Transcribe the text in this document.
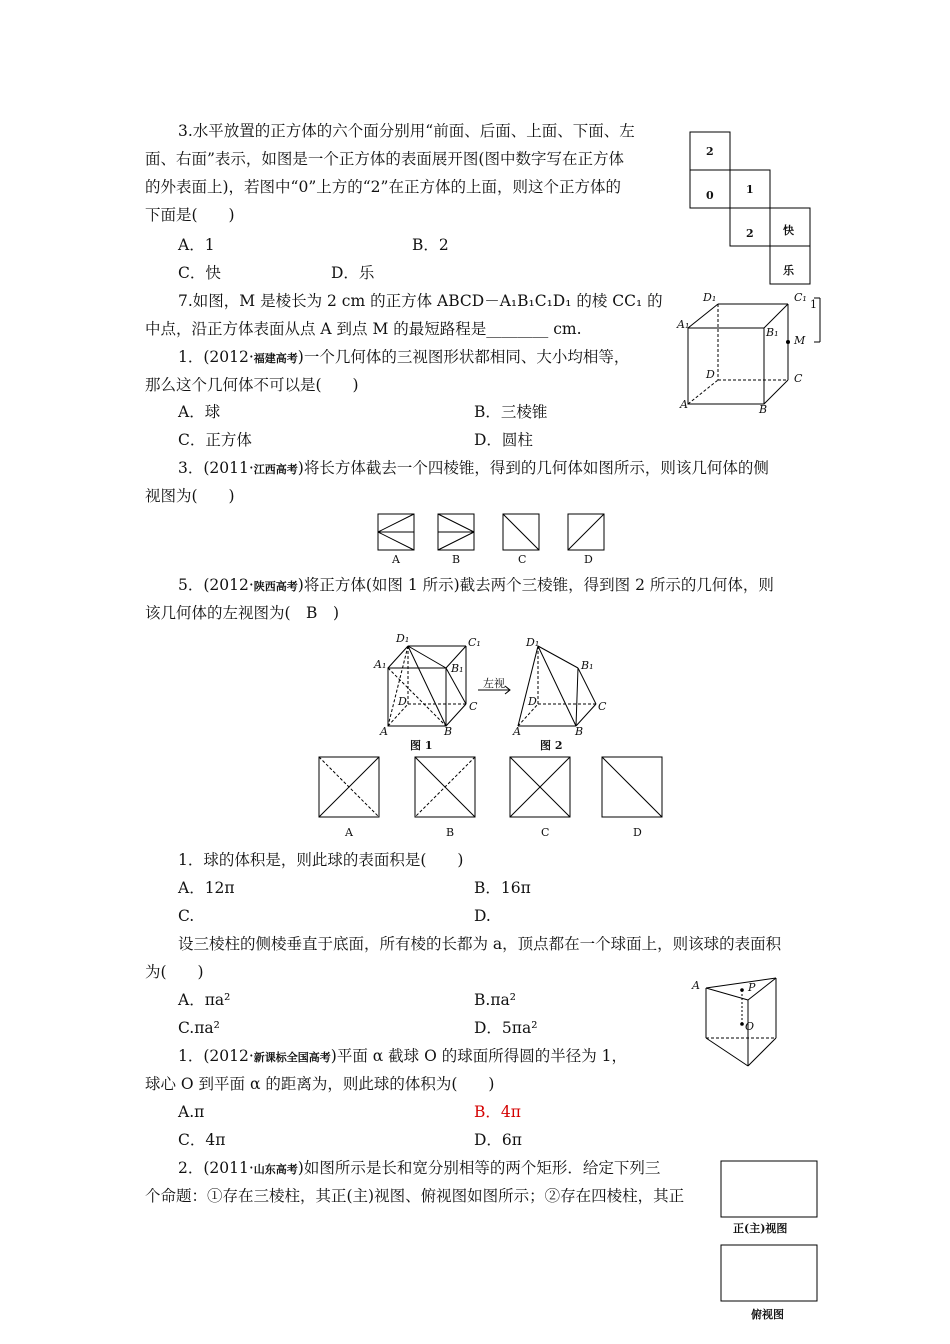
3.水平放置的正方体的六个面分别用“前面、后面、上面、下面、左
面、右面”表示，如图是一个正方体的表面展开图(图中数字写在正方体
的外表面上)，若图中“0”上方的“2”在正方体的上面，则这个正方体的
下面是(　　)
A．1	B．2
C．快	D．乐
2
0	1
2	快
乐
7.如图，M 是棱长为 2 cm 的正方体 ABCD－A₁B₁C₁D₁ 的棱 CC₁ 的
中点，沿正方体表面从点 A 到点 M 的最短路程是________ cm.
D₁	C₁
A₁
B₁
M
D	C
A	B
1
1．(2012·福建高考)一个几何体的三视图形状都相同、大小均相等，
那么这个几何体不可以是(　　)
A．球	B．三棱锥
C．正方体	D．圆柱
3．(2011·江西高考)将长方体截去一个四棱锥，得到的几何体如图所示，则该几何体的侧
视图为(　　)
A	B	C	D
5．(2012·陕西高考)将正方体(如图 1 所示)截去两个三棱锥，得到图 2 所示的几何体，则
该几何体的左视图为(　B　)
D₁	C₁
A₁	B₁
D	C
A	B
左视
D₁
B₁
D	C
A	B
图 1	图 2
A	B	C	D
1．球的体积是，则此球的表面积是(　　)
A．12π	B．16π
C.	D.
设三棱柱的侧棱垂直于底面，所有棱的长都为 a，顶点都在一个球面上，则该球的表面积
为(　　)
A．πa²	B.πa²
C.πa²	D．5πa²
A	P
O
1．(2012·新课标全国高考)平面 α 截球 O 的球面所得圆的半径为 1，
球心 O 到平面 α 的距离为，则此球的体积为(　　)
A.π	B．4π
C．4π	D．6π
2．(2011·山东高考)如图所示是长和宽分别相等的两个矩形．给定下列三
个命题：①存在三棱柱，其正(主)视图、俯视图如图所示；②存在四棱柱，其正
正(主)视图
俯视图
